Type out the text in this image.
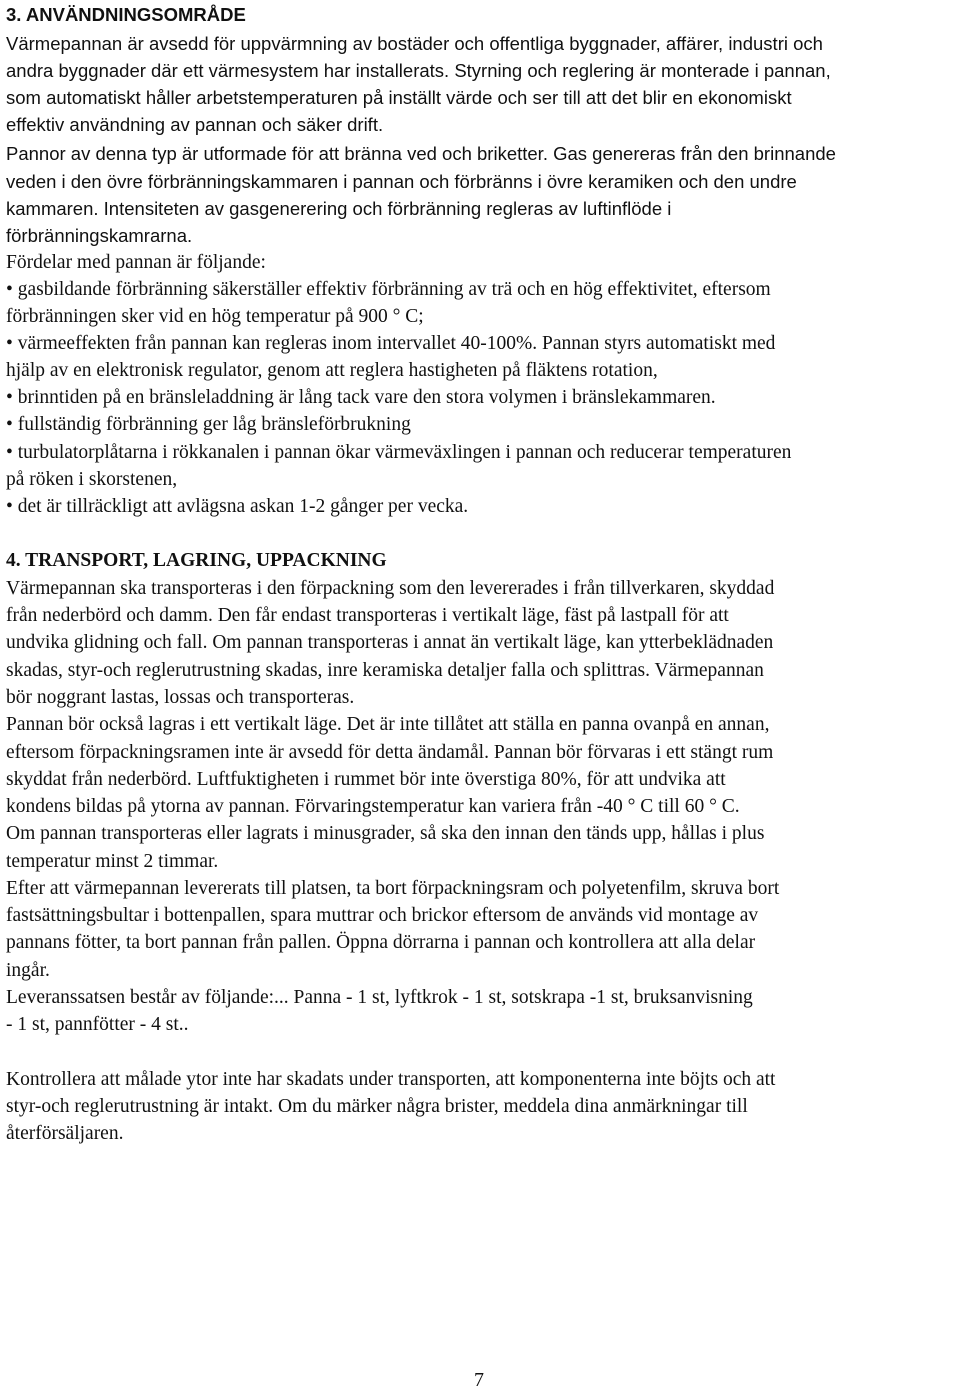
3. ANVÄNDNINGSOMRÅDE
Värmepannan är avsedd för uppvärmning av bostäder och offentliga byggnader, affärer, industri och
andra byggnader där ett värmesystem har installerats. Styrning och reglering är monterade i pannan,
som automatiskt håller arbetstemperaturen på inställt värde och ser till att det blir en ekonomiskt
effektiv användning av pannan och säker drift.
Pannor av denna typ är utformade för att bränna ved och briketter. Gas genereras från den brinnande
veden i den övre förbränningskammaren i pannan och förbränns i övre keramiken och den undre
kammaren. Intensiteten av gasgenerering och förbränning regleras av luftinflöde i
förbränningskamrarna.
Fördelar med pannan är följande:
• gasbildande förbränning säkerställer effektiv förbränning av trä och en hög effektivitet, eftersom
förbränningen sker vid en hög temperatur på 900 ° C;
• värmeeffekten från pannan kan regleras inom intervallet 40-100%. Pannan styrs automatiskt med
hjälp av en elektronisk regulator, genom att reglera hastigheten på fläktens rotation,
• brinntiden på en bränsleladdning är lång tack vare den stora volymen i bränslekammaren.
• fullständig förbränning ger låg bränsleförbrukning
• turbulatorplåtarna i rökkanalen i pannan ökar värmeväxlingen i pannan och reducerar temperaturen
på röken i skorstenen,
• det är tillräckligt att avlägsna askan 1-2 gånger per vecka.
4. TRANSPORT, LAGRING, UPPACKNING
Värmepannan ska transporteras i den förpackning som den levererades i från tillverkaren, skyddad
från nederbörd och damm. Den får endast transporteras i vertikalt läge, fäst på lastpall för att
undvika glidning och fall. Om pannan transporteras i annat än vertikalt läge, kan ytterbeklädnaden
skadas, styr-och reglerutrustning skadas, inre keramiska detaljer falla och splittras. Värmepannan
bör noggrant lastas, lossas och transporteras.
Pannan bör också lagras i ett vertikalt läge. Det är inte tillåtet att ställa en panna ovanpå en annan,
eftersom förpackningsramen inte är avsedd för detta ändamål. Pannan bör förvaras i ett stängt rum
skyddat från nederbörd. Luftfuktigheten i rummet bör inte överstiga 80%, för att undvika att
kondens bildas på ytorna av pannan. Förvaringstemperatur kan variera från -40 ° C till 60 ° C.
Om pannan transporteras eller lagrats i minusgrader, så ska den innan den tänds upp, hållas i plus
temperatur minst 2 timmar.
Efter att värmepannan levererats till platsen, ta bort förpackningsram och polyetenfilm, skruva bort
fastsättningsbultar i bottenpallen, spara muttrar och brickor eftersom de används vid montage av
pannans fötter, ta bort pannan från pallen. Öppna dörrarna i pannan och kontrollera att alla delar
ingår.
Leveranssatsen består av följande:... Panna - 1 st, lyftkrok - 1 st, sotskrapa -1 st, bruksanvisning
- 1 st, pannfötter - 4 st..
Kontrollera att målade ytor inte har skadats under transporten, att komponenterna inte böjts och att
styr-och reglerutrustning är intakt. Om du märker några brister, meddela dina anmärkningar till
återförsäljaren.
7
